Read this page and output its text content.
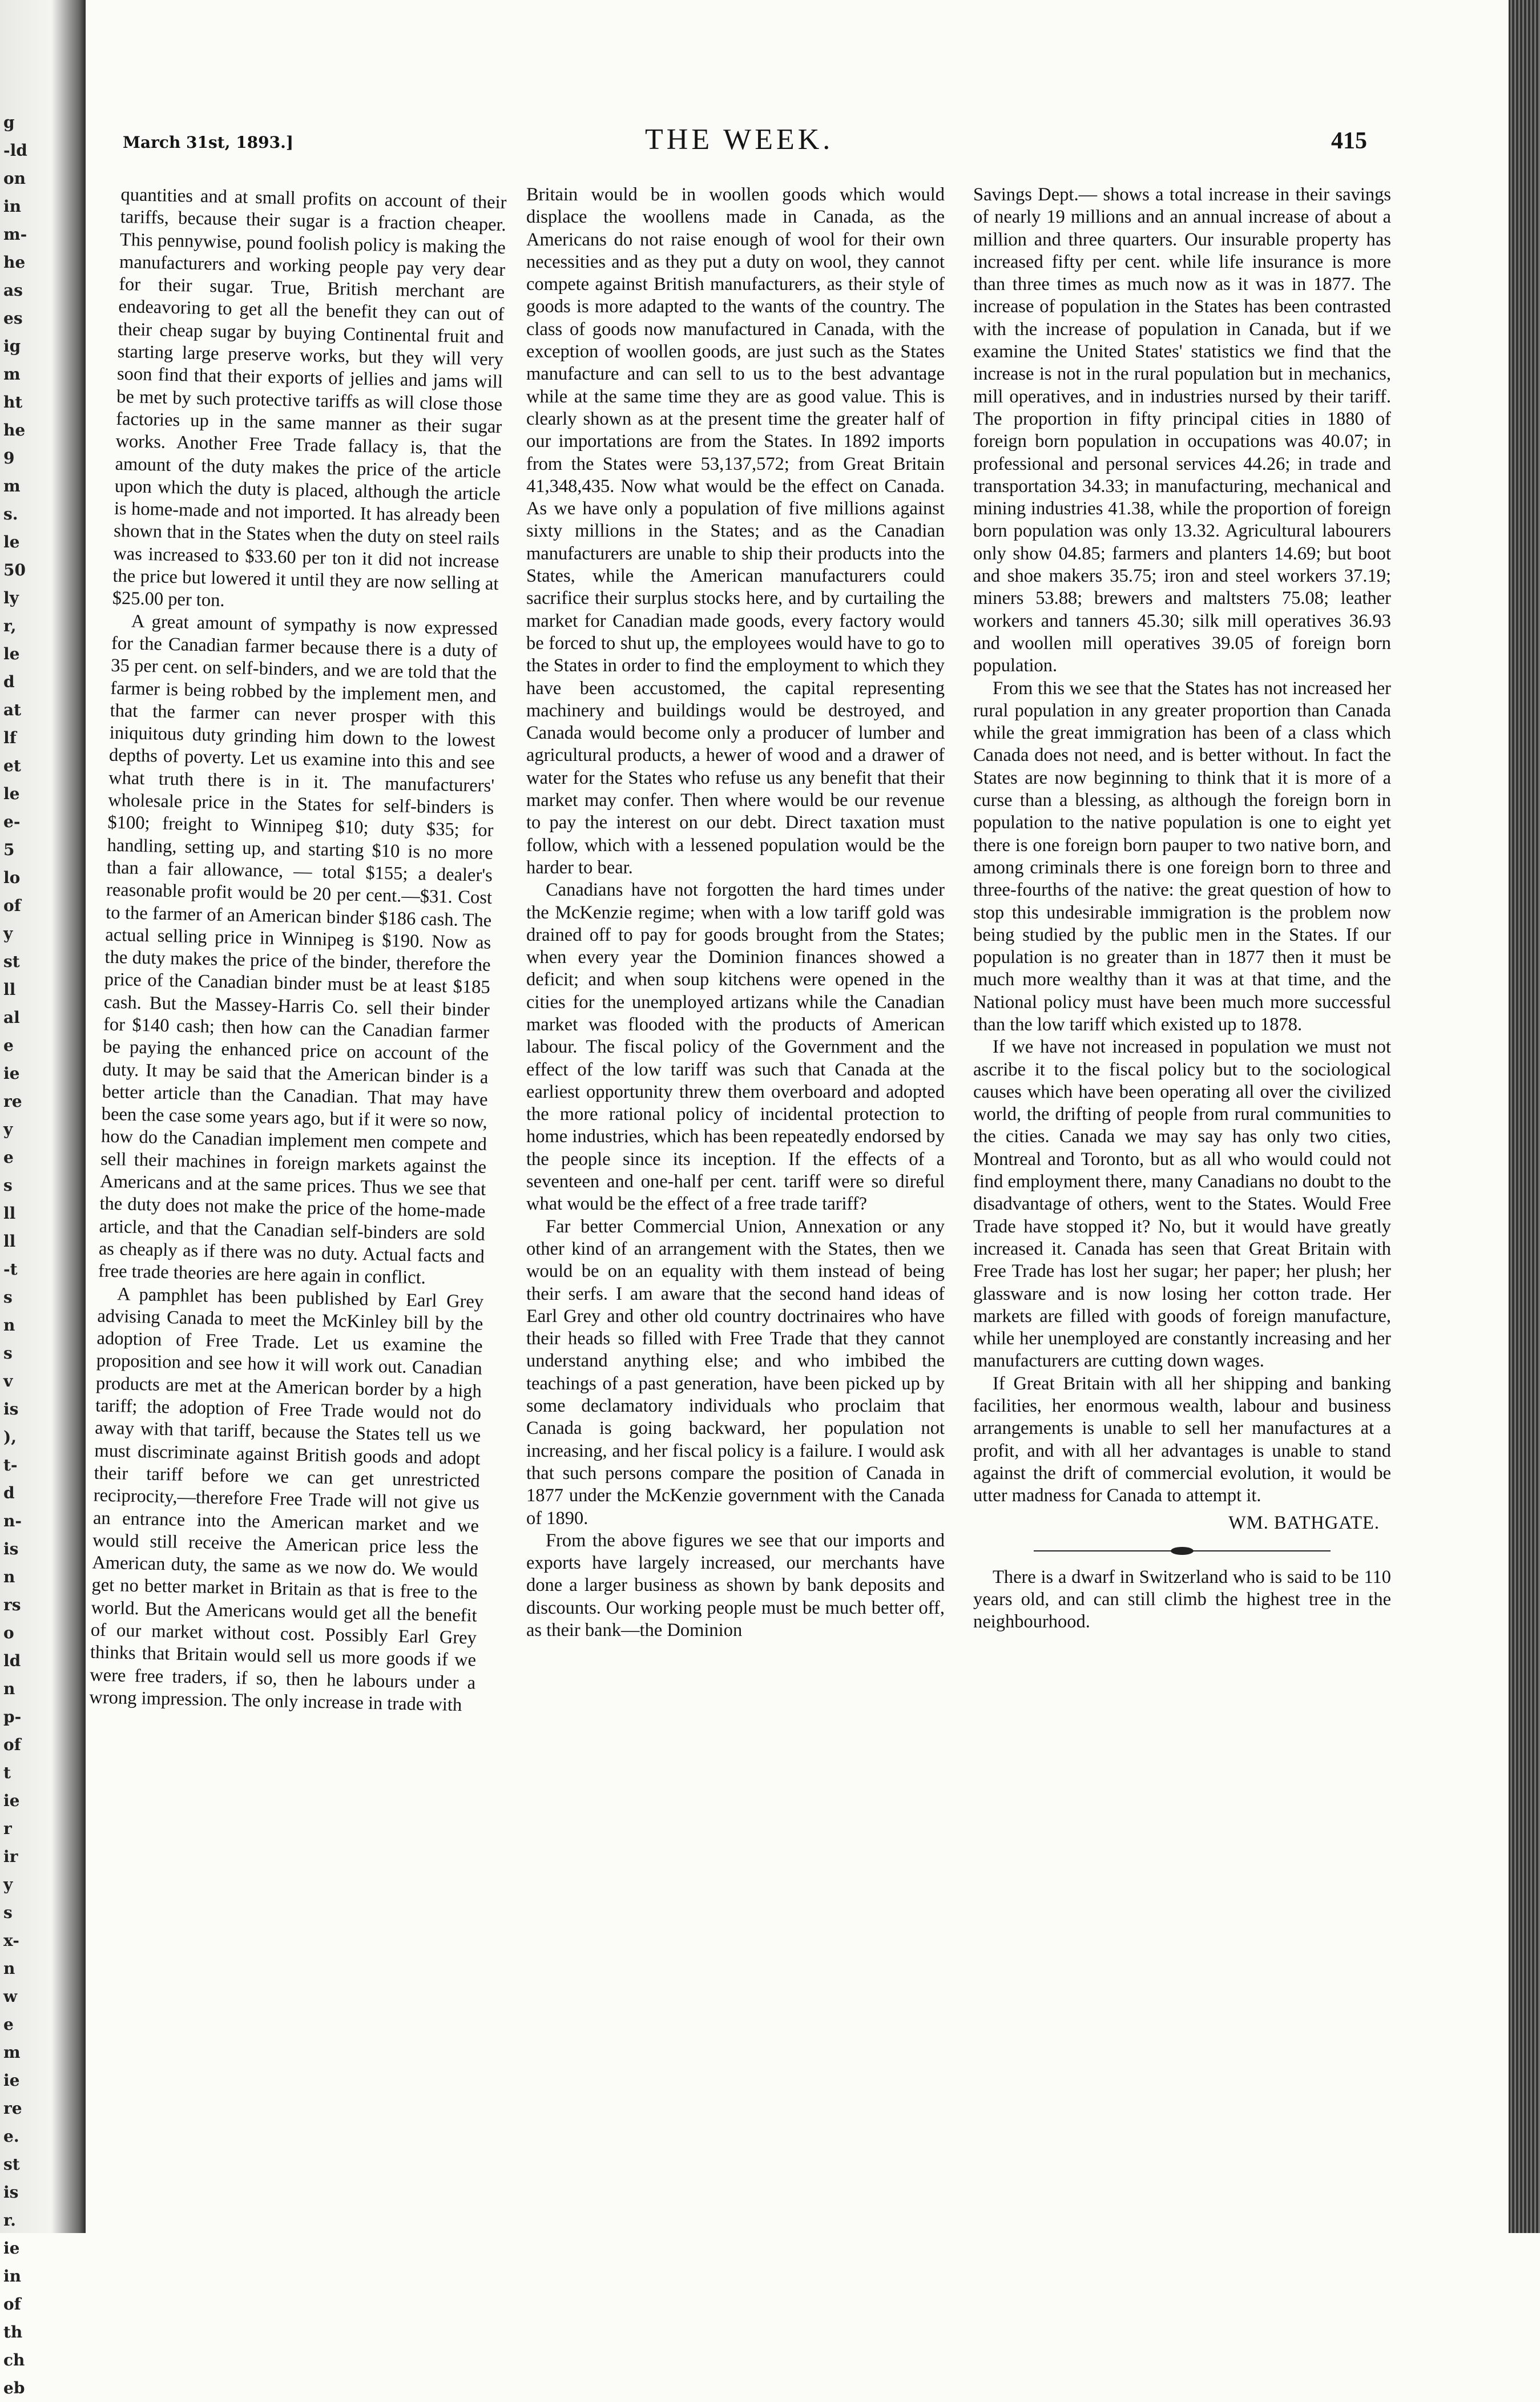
g
-ld
on
in
m-
he
as
es
ig
m
ht
he
9
m
s.
le
50
ly
r,
le
d
at
lf
et
le
e-
5
lo
of
y
st
ll
al
e
ie
re
y
e
s
ll
ll
-t
s
n
s
v
is
),
t-
d
n-
is
n
rs
o
ld
n
p-
of
t
ie
r
ir
y
s
x-
n
w
e
m
ie
re
e.
st
is
r.
ie
in
of
th
ch
eb
March 31st, 1893.]	THE WEEK.	415

quantities and at small profits on account of their tariffs, because their sugar is a fraction cheaper. This pennywise, pound foolish policy is making the manufacturers and working people pay very dear for their sugar. True, British merchant are endeavoring to get all the benefit they can out of their cheap sugar by buying Continental fruit and starting large preserve works, but they will very soon find that their exports of jellies and jams will be met by such protective tariffs as will close those factories up in the same manner as their sugar works. Another Free Trade fallacy is, that the amount of the duty makes the price of the article upon which the duty is placed, although the article is home-made and not imported. It has already been shown that in the States when the duty on steel rails was increased to $33.60 per ton it did not increase the price but lowered it until they are now selling at $25.00 per ton.

A great amount of sympathy is now expressed for the Canadian farmer because there is a duty of 35 per cent. on self-binders, and we are told that the farmer is being robbed by the implement men, and that the farmer can never prosper with this iniquitous duty grinding him down to the lowest depths of poverty. Let us examine into this and see what truth there is in it. The manufacturers' wholesale price in the States for self-binders is $100; freight to Winnipeg $10; duty $35; for handling, setting up, and starting $10 is no more than a fair allowance, — total $155; a dealer's reasonable profit would be 20 per cent.—$31. Cost to the farmer of an American binder $186 cash. The actual selling price in Winnipeg is $190. Now as the duty makes the price of the binder, therefore the price of the Canadian binder must be at least $185 cash. But the Massey-Harris Co. sell their binder for $140 cash; then how can the Canadian farmer be paying the enhanced price on account of the duty. It may be said that the American binder is a better article than the Canadian. That may have been the case some years ago, but if it were so now, how do the Canadian implement men compete and sell their machines in foreign markets against the Americans and at the same prices. Thus we see that the duty does not make the price of the home-made article, and that the Canadian self-binders are sold as cheaply as if there was no duty. Actual facts and free trade theories are here again in conflict.

A pamphlet has been published by Earl Grey advising Canada to meet the McKinley bill by the adoption of Free Trade. Let us examine the proposition and see how it will work out. Canadian products are met at the American border by a high tariff; the adoption of Free Trade would not do away with that tariff, because the States tell us we must discriminate against British goods and adopt their tariff before we can get unrestricted reciprocity,—therefore Free Trade will not give us an entrance into the American market and we would still receive the American price less the American duty, the same as we now do. We would get no better market in Britain as that is free to the world. But the Americans would get all the benefit of our market without cost. Possibly Earl Grey thinks that Britain would sell us more goods if we were free traders, if so, then he labours under a wrong impression. The only increase in trade with

Britain would be in woollen goods which would displace the woollens made in Canada, as the Americans do not raise enough of wool for their own necessities and as they put a duty on wool, they cannot compete against British manufacturers, as their style of goods is more adapted to the wants of the country. The class of goods now manufactured in Canada, with the exception of woollen goods, are just such as the States manufacture and can sell to us to the best advantage while at the same time they are as good value. This is clearly shown as at the present time the greater half of our importations are from the States. In 1892 imports from the States were 53,137,572; from Great Britain 41,348,435. Now what would be the effect on Canada. As we have only a population of five millions against sixty millions in the States; and as the Canadian manufacturers are unable to ship their products into the States, while the American manufacturers could sacrifice their surplus stocks here, and by curtailing the market for Canadian made goods, every factory would be forced to shut up, the employees would have to go to the States in order to find the employment to which they have been accustomed, the capital representing machinery and buildings would be destroyed, and Canada would become only a producer of lumber and agricultural products, a hewer of wood and a drawer of water for the States who refuse us any benefit that their market may confer. Then where would be our revenue to pay the interest on our debt. Direct taxation must follow, which with a lessened population would be the harder to bear.

Canadians have not forgotten the hard times under the McKenzie regime; when with a low tariff gold was drained off to pay for goods brought from the States; when every year the Dominion finances showed a deficit; and when soup kitchens were opened in the cities for the unemployed artizans while the Canadian market was flooded with the products of American labour. The fiscal policy of the Government and the effect of the low tariff was such that Canada at the earliest opportunity threw them overboard and adopted the more rational policy of incidental protection to home industries, which has been repeatedly endorsed by the people since its inception. If the effects of a seventeen and one-half per cent. tariff were so direful what would be the effect of a free trade tariff?

Far better Commercial Union, Annexation or any other kind of an arrangement with the States, then we would be on an equality with them instead of being their serfs. I am aware that the second hand ideas of Earl Grey and other old country doctrinaires who have their heads so filled with Free Trade that they cannot understand anything else; and who imbibed the teachings of a past generation, have been picked up by some declamatory individuals who proclaim that Canada is going backward, her population not increasing, and her fiscal policy is a failure. I would ask that such persons compare the position of Canada in 1877 under the McKenzie government with the Canada of 1890.

From the above figures we see that our imports and exports have largely increased, our merchants have done a larger business as shown by bank deposits and discounts. Our working people must be much better off, as their bank—the Dominion

Savings Dept.— shows a total increase in their savings of nearly 19 millions and an annual increase of about a million and three quarters. Our insurable property has increased fifty per cent. while life insurance is more than three times as much now as it was in 1877. The increase of population in the States has been contrasted with the increase of population in Canada, but if we examine the United States' statistics we find that the increase is not in the rural population but in mechanics, mill operatives, and in industries nursed by their tariff. The proportion in fifty principal cities in 1880 of foreign born population in occupations was 40.07; in professional and personal services 44.26; in trade and transportation 34.33; in manufacturing, mechanical and mining industries 41.38, while the proportion of foreign born population was only 13.32. Agricultural labourers only show 04.85; farmers and planters 14.69; but boot and shoe makers 35.75; iron and steel workers 37.19; miners 53.88; brewers and maltsters 75.08; leather workers and tanners 45.30; silk mill operatives 36.93 and woollen mill operatives 39.05 of foreign born population.

From this we see that the States has not increased her rural population in any greater proportion than Canada while the great immigration has been of a class which Canada does not need, and is better without. In fact the States are now beginning to think that it is more of a curse than a blessing, as although the foreign born in population to the native population is one to eight yet there is one foreign born pauper to two native born, and among criminals there is one foreign born to three and three-fourths of the native: the great question of how to stop this undesirable immigration is the problem now being studied by the public men in the States. If our population is no greater than in 1877 then it must be much more wealthy than it was at that time, and the National policy must have been much more successful than the low tariff which existed up to 1878.

If we have not increased in population we must not ascribe it to the fiscal policy but to the sociological causes which have been operating all over the civilized world, the drifting of people from rural communities to the cities. Canada we may say has only two cities, Montreal and Toronto, but as all who would could not find employment there, many Canadians no doubt to the disadvantage of others, went to the States. Would Free Trade have stopped it? No, but it would have greatly increased it. Canada has seen that Great Britain with Free Trade has lost her sugar; her paper; her plush; her glassware and is now losing her cotton trade. Her markets are filled with goods of foreign manufacture, while her unemployed are constantly increasing and her manufacturers are cutting down wages.

If Great Britain with all her shipping and banking facilities, her enormous wealth, labour and business arrangements is unable to sell her manufactures at a profit, and with all her advantages is unable to stand against the drift of commercial evolution, it would be utter madness for Canada to attempt it.

WM. BATHGATE.

There is a dwarf in Switzerland who is said to be 110 years old, and can still climb the highest tree in the neighbourhood.
